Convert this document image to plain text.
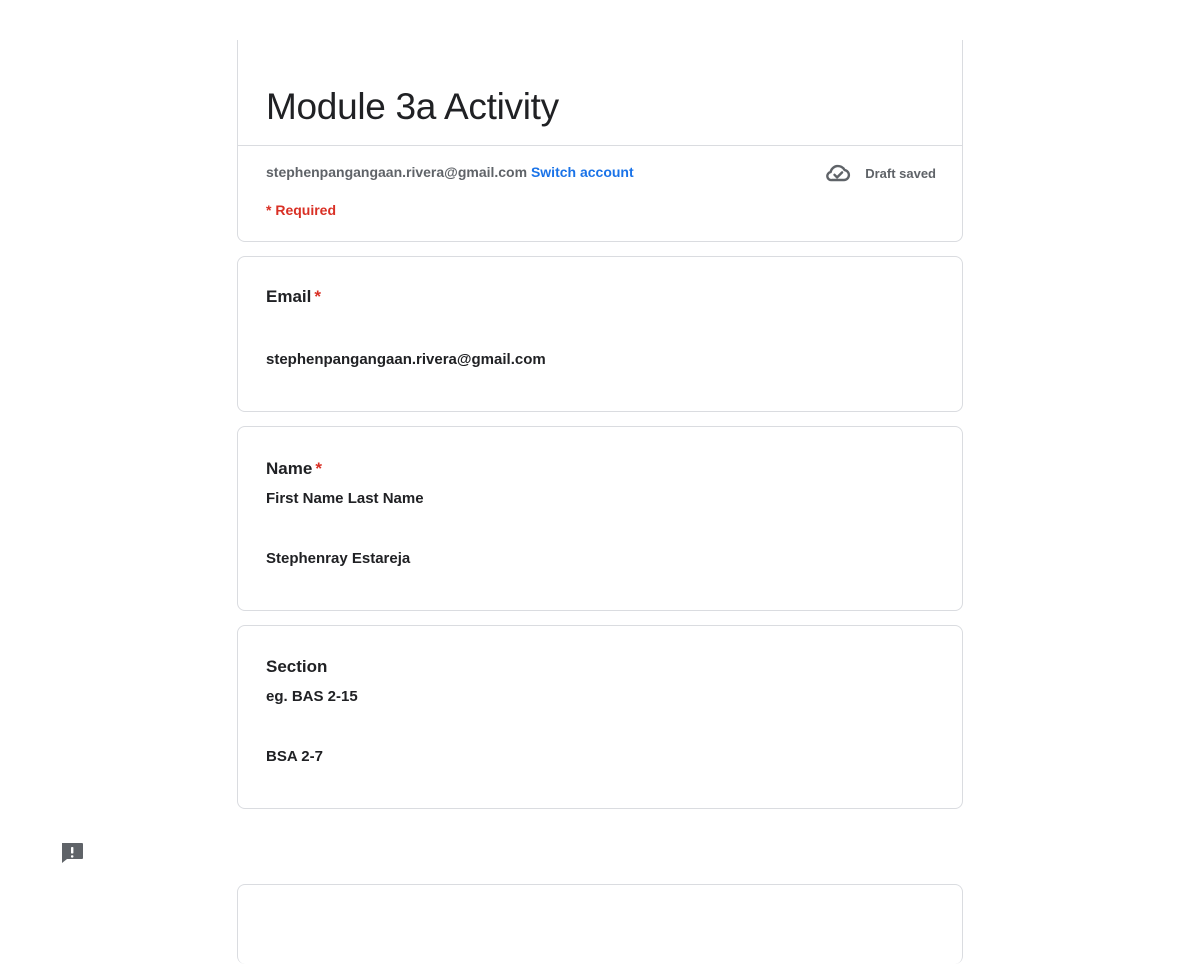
Module 3a Activity
stephenpangangaan.rivera@gmail.com Switch account	Draft saved
* Required
Email *
stephenpangangaan.rivera@gmail.com
Name *
First Name Last Name
Stephenray Estareja
Section
eg. BAS 2-15
BSA 2-7
